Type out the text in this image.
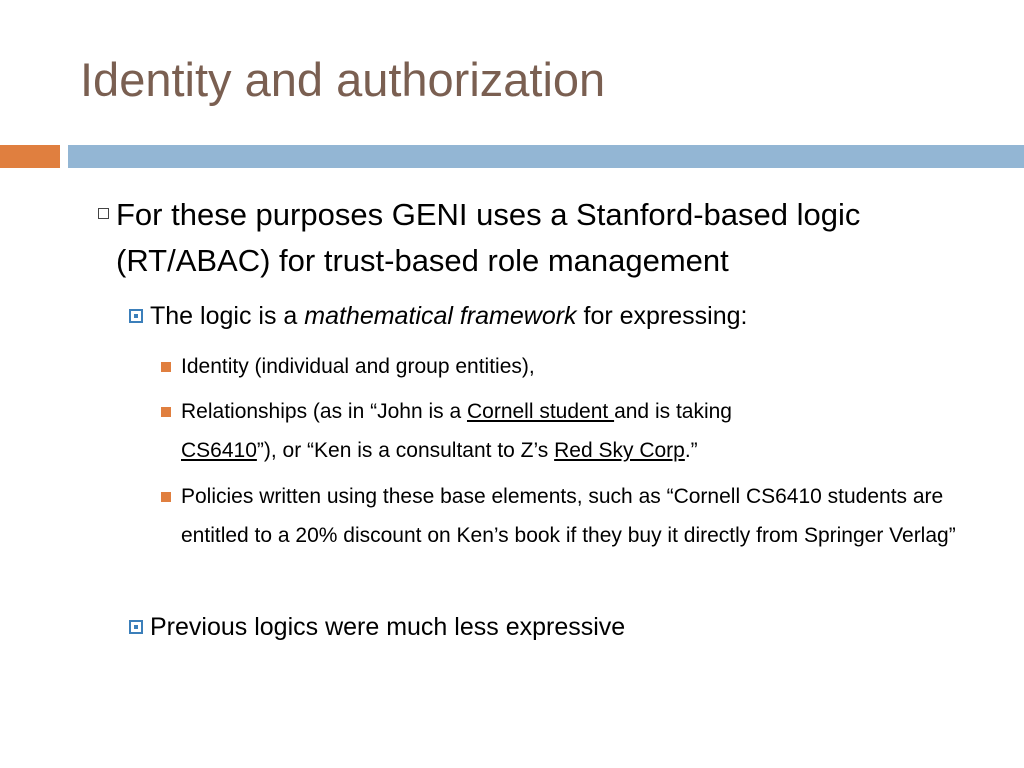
Identity and authorization
For these purposes GENI uses a Stanford-based logic (RT/ABAC) for trust-based role management
The logic is a mathematical framework for expressing:
Identity (individual and group entities),
Relationships (as in “John is a Cornell student and is taking
CS6410”), or “Ken is a consultant to Z’s Red Sky Corp.”
Policies written using these base elements, such as “Cornell CS6410 students are entitled to a 20% discount on Ken’s book if they buy it directly from Springer Verlag”
Previous logics were much less expressive
